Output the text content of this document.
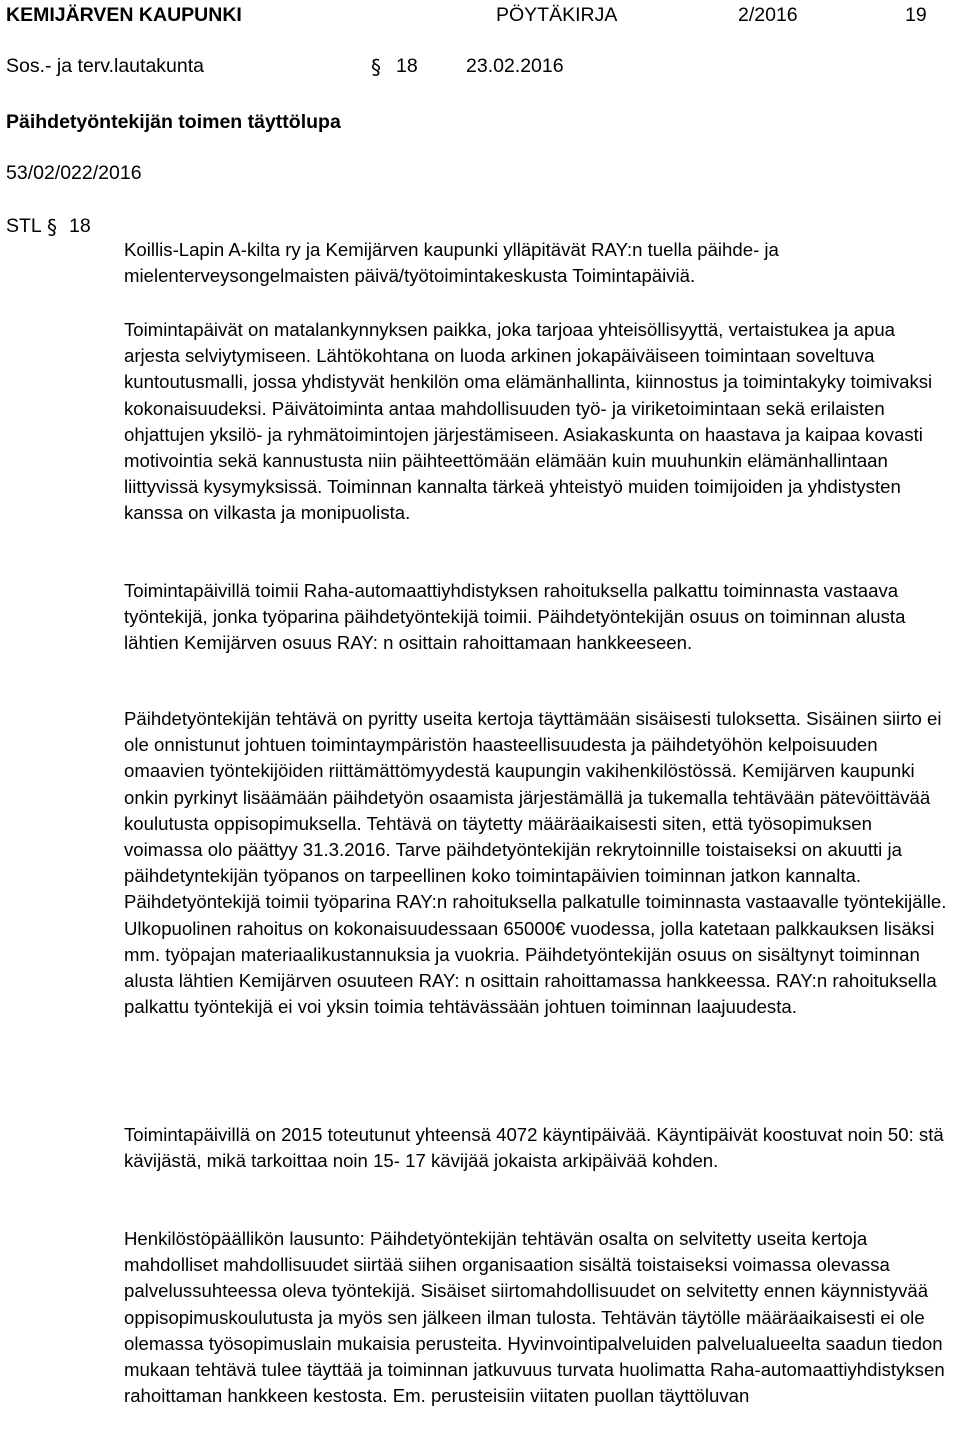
KEMIJÄRVEN KAUPUNKI	PÖYTÄKIRJA	2/2016	19
Sos.- ja terv.lautakunta	§ 18 23.02.2016
Päihdetyöntekijän toimen täyttölupa
53/02/022/2016
STL § 18

Koillis-Lapin A-kilta ry ja Kemijärven kaupunki ylläpitävät RAY:n tuella päihde- ja mielenterveysongelmaisten päivä/työtoimintakeskusta Toimintapäiviä.

Toimintapäivät on matalankynnyksen paikka, joka tarjoaa yhteisöllisyyttä, vertaistukea ja apua arjesta selviytymiseen. Lähtökohtana on luoda arkinen jokapäiväiseen toimintaan soveltuva kuntoutusmalli, jossa yhdistyvät henkilön oma elämänhallinta, kiinnostus ja toimintakyky toimivaksi kokonaisuudeksi. Päivätoiminta antaa mahdollisuuden työ- ja viriketoimintaan sekä erilaisten ohjattujen yksilö- ja ryhmätoimintojen järjestämiseen. Asiakaskunta on haastava ja kaipaa kovasti motivointia sekä kannustusta niin päihteettömään elämään kuin muuhunkin elämänhallintaan liittyvissä kysymyksissä. Toiminnan kannalta tärkeä yhteistyö muiden toimijoiden ja yhdistysten kanssa on vilkasta ja monipuolista.

Toimintapäivillä toimii Raha-automaattiyhdistyksen rahoituksella palkattu toiminnasta vastaava työntekijä, jonka työparina päihdetyöntekijä toimii. Päihdetyöntekijän osuus on toiminnan alusta lähtien Kemijärven osuus RAY: n osittain rahoittamaan hankkeeseen.

Päihdetyöntekijän tehtävä on pyritty useita kertoja täyttämään sisäisesti tuloksetta. Sisäinen siirto ei ole onnistunut johtuen toimintaympäristön haasteellisuudesta ja päihdetyöhön kelpoisuuden omaavien työntekijöiden riittämättömyydestä kaupungin vakihenkilöstössä. Kemijärven kaupunki onkin pyrkinyt lisäämään päihdetyön osaamista järjestämällä ja tukemalla tehtävään pätevöittävää koulutusta oppisopimuksella. Tehtävä on täytetty määräaikaisesti siten, että työsopimuksen voimassa olo päättyy 31.3.2016. Tarve päihdetyöntekijän rekrytoinnille toistaiseksi on akuutti ja päihdetyntekijän työpanos on tarpeellinen koko toimintapäivien toiminnan jatkon kannalta. Päihdetyöntekijä toimii työparina RAY:n rahoituksella palkatulle toiminnasta vastaavalle työntekijälle. Ulkopuolinen rahoitus on kokonaisuudessaan 65000€ vuodessa, jolla katetaan palkkauksen lisäksi mm. työpajan materiaalikustannuksia ja vuokria. Päihdetyöntekijän osuus on sisältynyt toiminnan alusta lähtien Kemijärven osuuteen RAY: n osittain rahoittamassa hankkeessa. RAY:n rahoituksella palkattu työntekijä ei voi yksin toimia tehtävässään johtuen toiminnan laajuudesta.

Toimintapäivillä on 2015 toteutunut yhteensä 4072 käyntipäivää. Käyntipäivät koostuvat noin 50: stä kävijästä, mikä tarkoittaa noin 15- 17 kävijää jokaista arkipäivää kohden.

Henkilöstöpäällikön lausunto: Päihdetyöntekijän tehtävän osalta on selvitetty useita kertoja mahdolliset mahdollisuudet siirtää siihen organisaation sisältä toistaiseksi voimassa olevassa palvelussuhteessa oleva työntekijä. Sisäiset siirtomahdollisuudet on selvitetty ennen käynnistyvää oppisopimuskoulutusta ja myös sen jälkeen ilman tulosta. Tehtävän täytölle määräaikaisesti ei ole olemassa työsopimuslain mukaisia perusteita. Hyvinvointipalveluiden palvelualueelta saadun tiedon mukaan tehtävä tulee täyttää ja toiminnan jatkuvuus turvata huolimatta Raha-automaattiyhdistyksen rahoittaman hankkeen kestosta. Em. perusteisiin viitaten puollan täyttöluvan
